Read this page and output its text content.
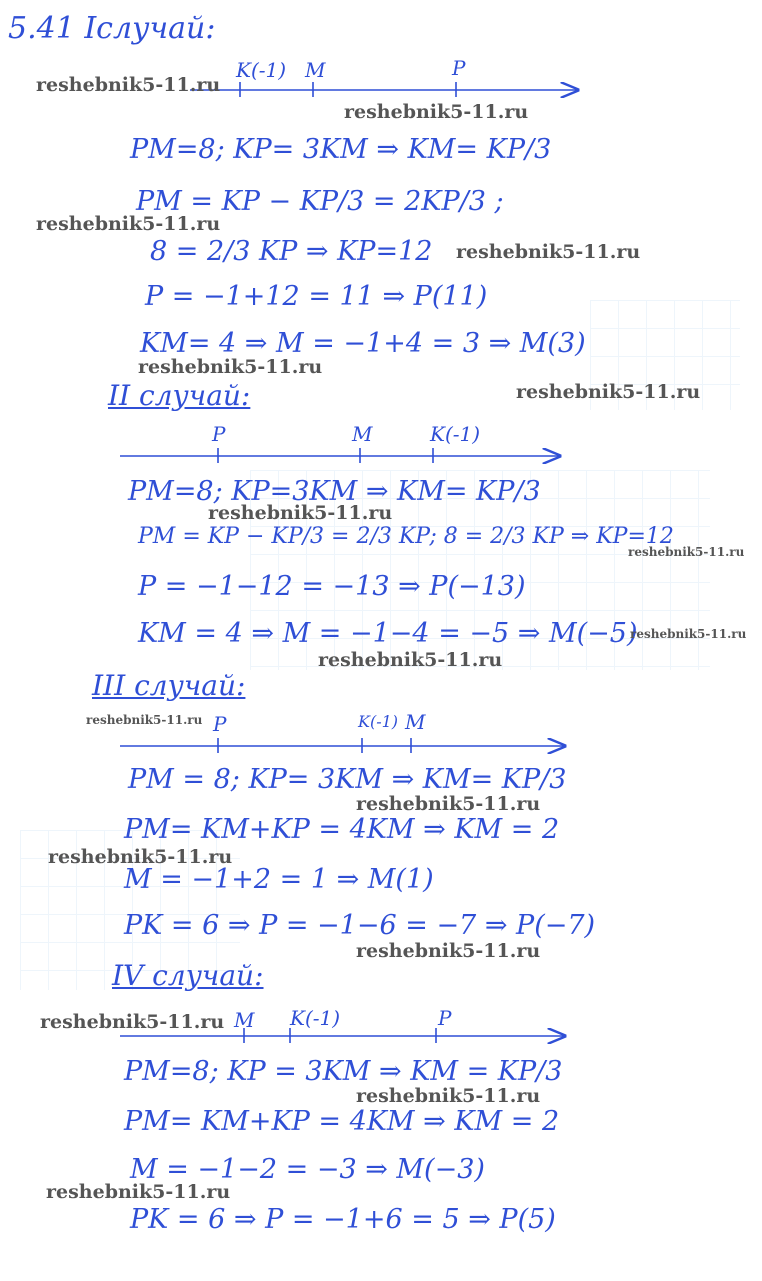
5.41 Iслучай:
K(-1) M	P
PM=8; KP= 3KM ⇒ KM= KP/3
PM = KP − KP/3 = 2KP/3 ;
8 = 2/3 KP ⇒ KP=12
P = −1+12 = 11 ⇒ P(11)
KM= 4 ⇒ M = −1+4 = 3 ⇒ M(3)
II случай:
P	M	K(-1)
PM=8; KP=3KM ⇒ KM= KP/3
PM = KP − KP/3 = 2/3 KP; 8 = 2/3 KP ⇒ KP=12
P = −1−12 = −13 ⇒ P(−13)
KM = 4 ⇒ M = −1−4 = −5 ⇒ M(−5)
III случай:
P	K(-1) M
PM = 8; KP= 3KM ⇒ KM= KP/3
PM= KM+KP = 4KM ⇒ KM = 2
M = −1+2 = 1 ⇒ M(1)
PK = 6 ⇒ P = −1−6 = −7 ⇒ P(−7)
IV случай:
M K(-1)	P
PM=8; KP = 3KM ⇒ KM = KP/3
PM= KM+KP = 4KM ⇒ KM = 2
M = −1−2 = −3 ⇒ M(−3)
PK = 6 ⇒ P = −1+6 = 5 ⇒ P(5)
reshebnik5-11.ru
reshebnik5-11.ru
reshebnik5-11.ru
reshebnik5-11.ru
reshebnik5-11.ru
reshebnik5-11.ru
reshebnik5-11.ru
reshebnik5-11.ru
reshebnik5-11.ru
reshebnik5-11.ru
reshebnik5-11.ru
reshebnik5-11.ru
reshebnik5-11.ru
reshebnik5-11.ru
reshebnik5-11.ru
reshebnik5-11.ru
reshebnik5-11.ru
